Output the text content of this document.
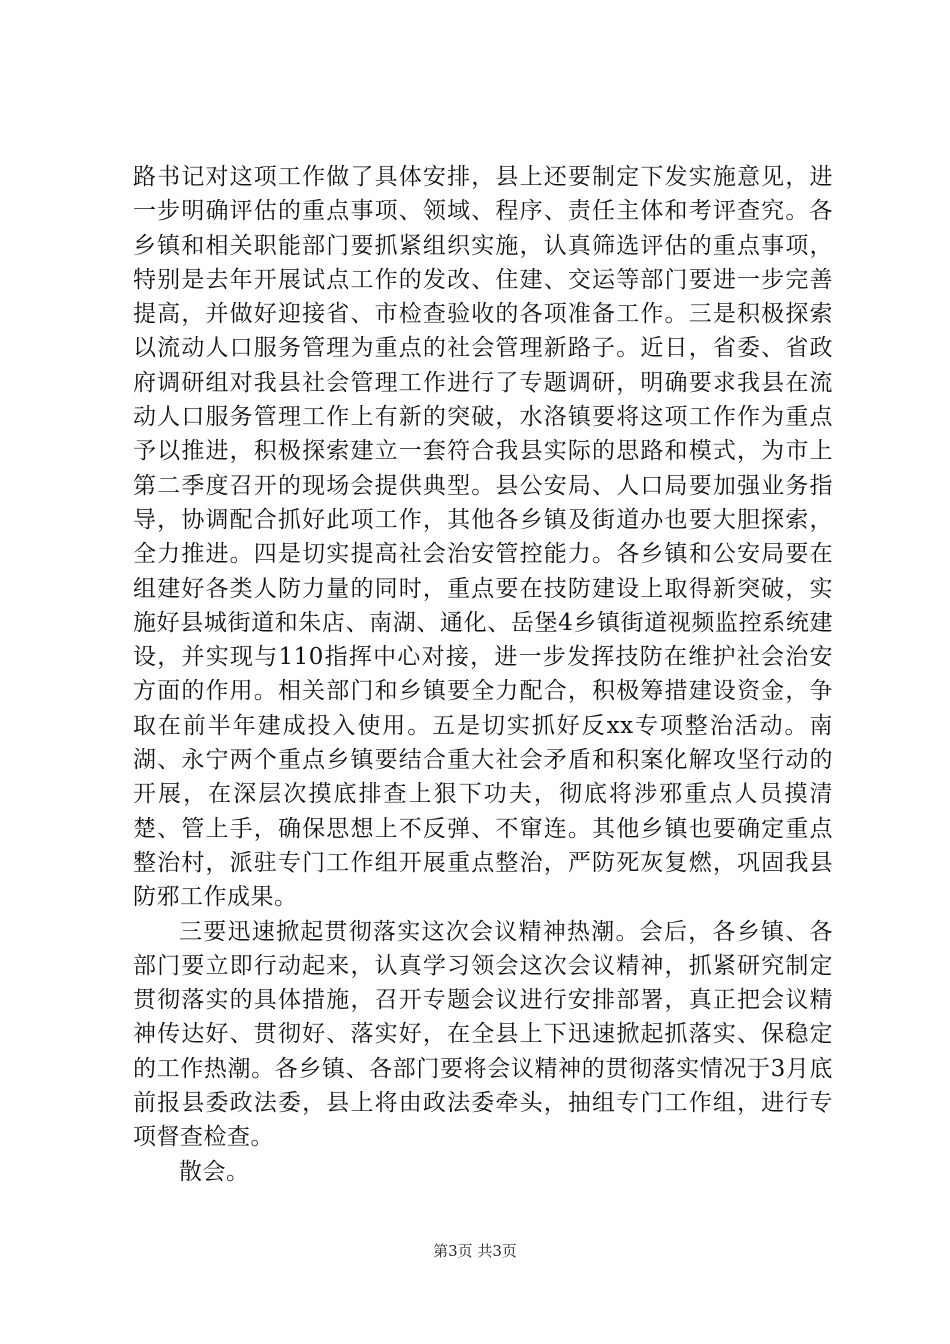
路书记对这项工作做了具体安排，县上还要制定下发实施意见，进一步明确评估的重点事项、领域、程序、责任主体和考评查究。各乡镇和相关职能部门要抓紧组织实施，认真筛选评估的重点事项，特别是去年开展试点工作的发改、住建、交运等部门要进一步完善提高，并做好迎接省、市检查验收的各项准备工作。三是积极探索以流动人口服务管理为重点的社会管理新路子。近日，省委、省政府调研组对我县社会管理工作进行了专题调研，明确要求我县在流动人口服务管理工作上有新的突破，水洛镇要将这项工作作为重点予以推进，积极探索建立一套符合我县实际的思路和模式，为市上第二季度召开的现场会提供典型。县公安局、人口局要加强业务指导，协调配合抓好此项工作，其他各乡镇及街道办也要大胆探索，全力推进。四是切实提高社会治安管控能力。各乡镇和公安局要在组建好各类人防力量的同时，重点要在技防建设上取得新突破，实施好县城街道和朱店、南湖、通化、岳堡4乡镇街道视频监控系统建设，并实现与110指挥中心对接，进一步发挥技防在维护社会治安方面的作用。相关部门和乡镇要全力配合，积极筹措建设资金，争取在前半年建成投入使用。五是切实抓好反xx专项整治活动。南湖、永宁两个重点乡镇要结合重大社会矛盾和积案化解攻坚行动的开展，在深层次摸底排查上狠下功夫，彻底将涉邪重点人员摸清楚、管上手，确保思想上不反弹、不窜连。其他乡镇也要确定重点整治村，派驻专门工作组开展重点整治，严防死灰复燃，巩固我县防邪工作成果。

三要迅速掀起贯彻落实这次会议精神热潮。会后，各乡镇、各部门要立即行动起来，认真学习领会这次会议精神，抓紧研究制定贯彻落实的具体措施，召开专题会议进行安排部署，真正把会议精神传达好、贯彻好、落实好，在全县上下迅速掀起抓落实、保稳定的工作热潮。各乡镇、各部门要将会议精神的贯彻落实情况于3月底前报县委政法委，县上将由政法委牵头，抽组专门工作组，进行专项督查检查。

散会。

第3页 共3页
